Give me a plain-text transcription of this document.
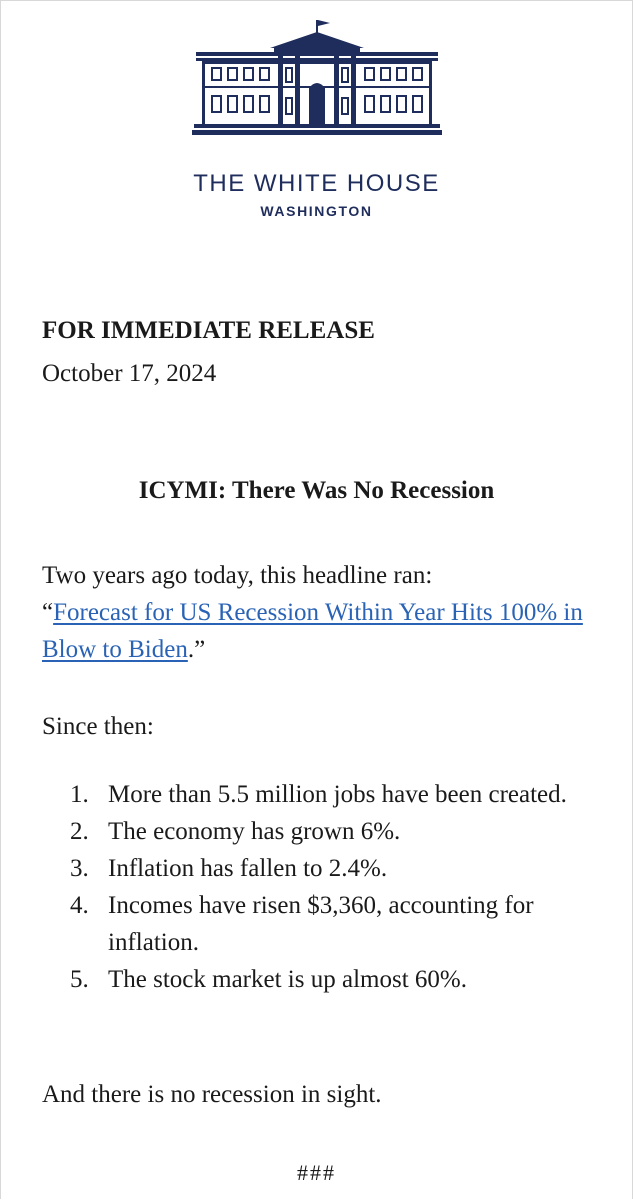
THE WHITE HOUSE
WASHINGTON
FOR IMMEDIATE RELEASE
October 17, 2024
ICYMI: There Was No Recession
Two years ago today, this headline ran:
“Forecast for US Recession Within Year Hits 100% in Blow to Biden.”
Since then:
1. More than 5.5 million jobs have been created.
2. The economy has grown 6%.
3. Inflation has fallen to 2.4%.
4. Incomes have risen $3,360, accounting for inflation.
5. The stock market is up almost 60%.
And there is no recession in sight.
###
